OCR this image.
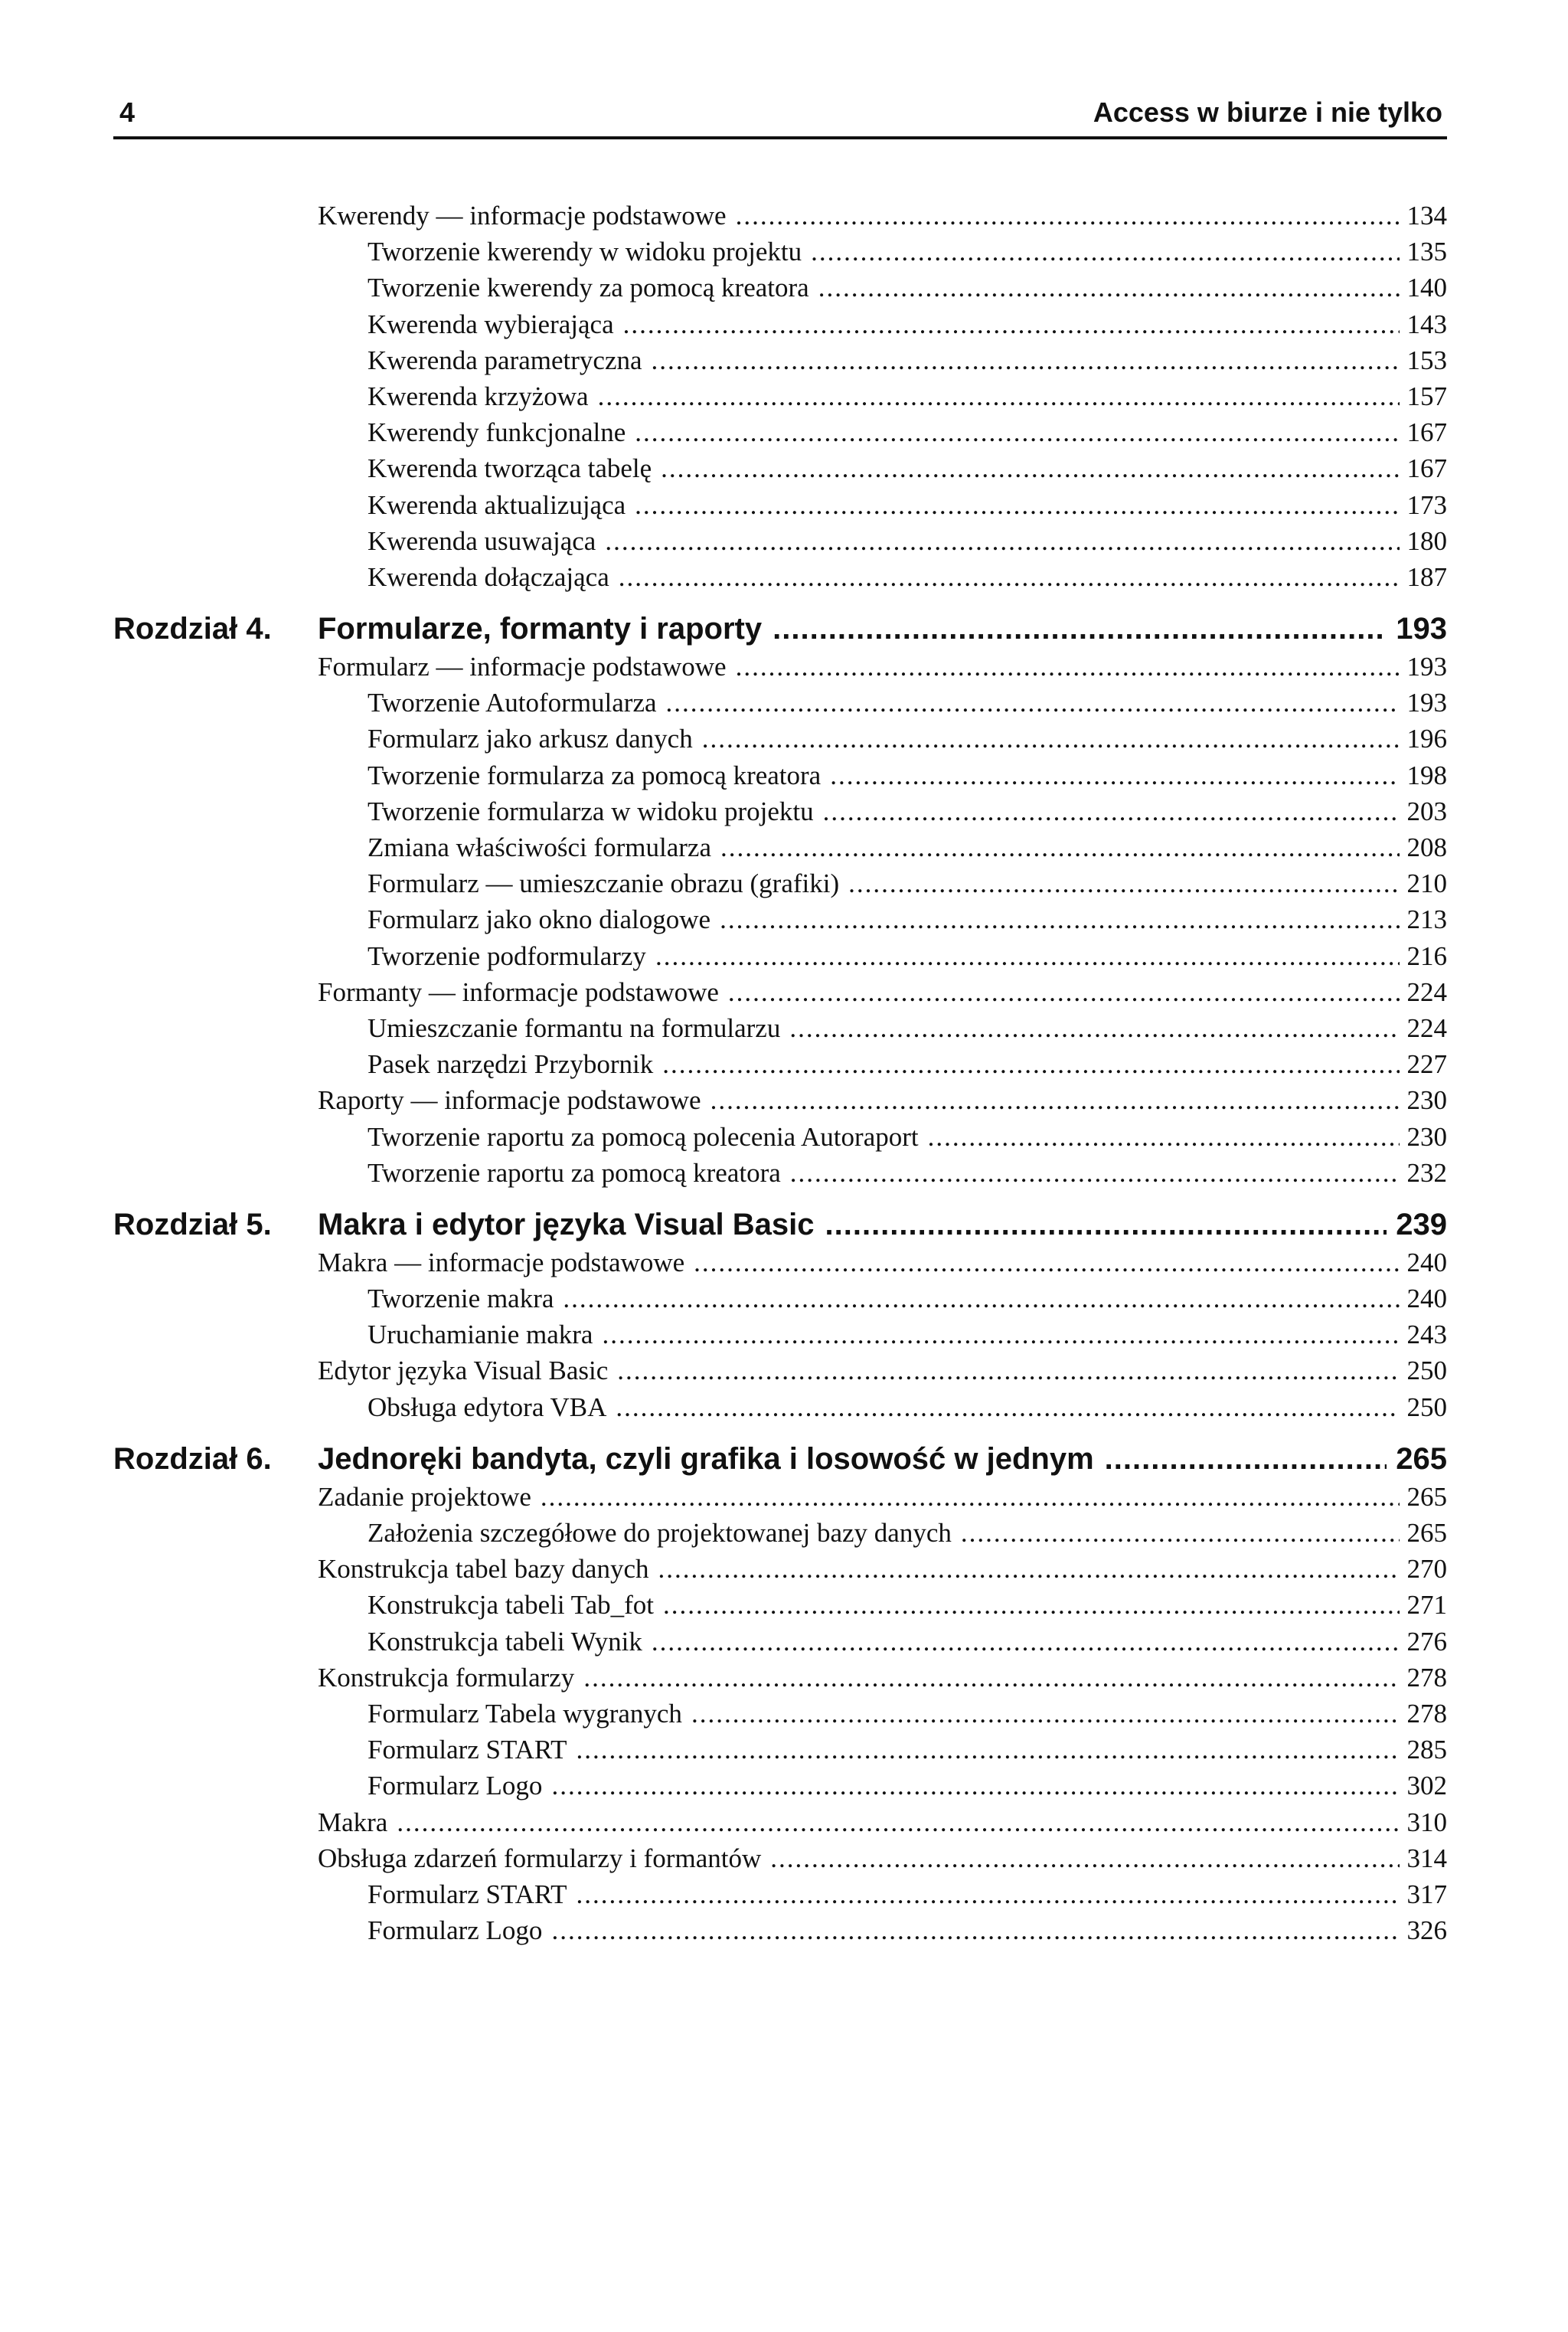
4	Access w biurze i nie tylko
Kwerendy — informacje podstawowe .....	134
Tworzenie kwerendy w widoku projektu .....	135
Tworzenie kwerendy za pomocą kreatora .....	140
Kwerenda wybierająca .....	143
Kwerenda parametryczna .....	153
Kwerenda krzyżowa .....	157
Kwerendy funkcjonalne .....	167
Kwerenda tworząca tabelę .....	167
Kwerenda aktualizująca .....	173
Kwerenda usuwająca .....	180
Kwerenda dołączająca .....	187
Rozdział 4.	Formularze, formanty i raporty .....	193
Formularz — informacje podstawowe .....	193
Tworzenie Autoformularza .....	193
Formularz jako arkusz danych .....	196
Tworzenie formularza za pomocą kreatora .....	198
Tworzenie formularza w widoku projektu .....	203
Zmiana właściwości formularza .....	208
Formularz — umieszczanie obrazu (grafiki) .....	210
Formularz jako okno dialogowe .....	213
Tworzenie podformularzy .....	216
Formanty — informacje podstawowe .....	224
Umieszczanie formantu na formularzu .....	224
Pasek narzędzi Przybornik .....	227
Raporty — informacje podstawowe .....	230
Tworzenie raportu za pomocą polecenia Autoraport .....	230
Tworzenie raportu za pomocą kreatora .....	232
Rozdział 5.	Makra i edytor języka Visual Basic .....	239
Makra — informacje podstawowe .....	240
Tworzenie makra .....	240
Uruchamianie makra .....	243
Edytor języka Visual Basic .....	250
Obsługa edytora VBA .....	250
Rozdział 6.	Jednoręki bandyta, czyli grafika i losowość w jednym .....	265
Zadanie projektowe .....	265
Założenia szczegółowe do projektowanej bazy danych .....	265
Konstrukcja tabel bazy danych .....	270
Konstrukcja tabeli Tab_fot .....	271
Konstrukcja tabeli Wynik .....	276
Konstrukcja formularzy .....	278
Formularz Tabela wygranych .....	278
Formularz START .....	285
Formularz Logo .....	302
Makra .....	310
Obsługa zdarzeń formularzy i formantów .....	314
Formularz START .....	317
Formularz Logo .....	326
